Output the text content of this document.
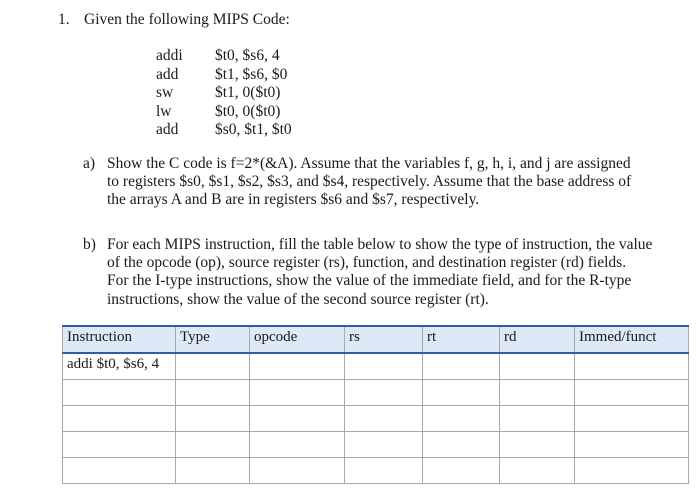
1. Given the following MIPS Code:
addi	$t0, $s6, 4
add	$t1, $s6, $0
sw	$t1, 0($t0)
lw	$t0, 0($t0)
add	$s0, $t1, $t0
a) Show the C code is f=2*(&A). Assume that the variables f, g, h, i, and j are assigned
to registers $s0, $s1, $s2, $s3, and $s4, respectively. Assume that the base address of
the arrays A and B are in registers $s6 and $s7, respectively.
b) For each MIPS instruction, fill the table below to show the type of instruction, the value
of the opcode (op), source register (rs), function, and destination register (rd) fields.
For the I-type instructions, show the value of the immediate field, and for the R-type
instructions, show the value of the second source register (rt).
Instruction	Type	opcode	rs	rt	rd	Immed/funct
addi $t0, $s6, 4						
